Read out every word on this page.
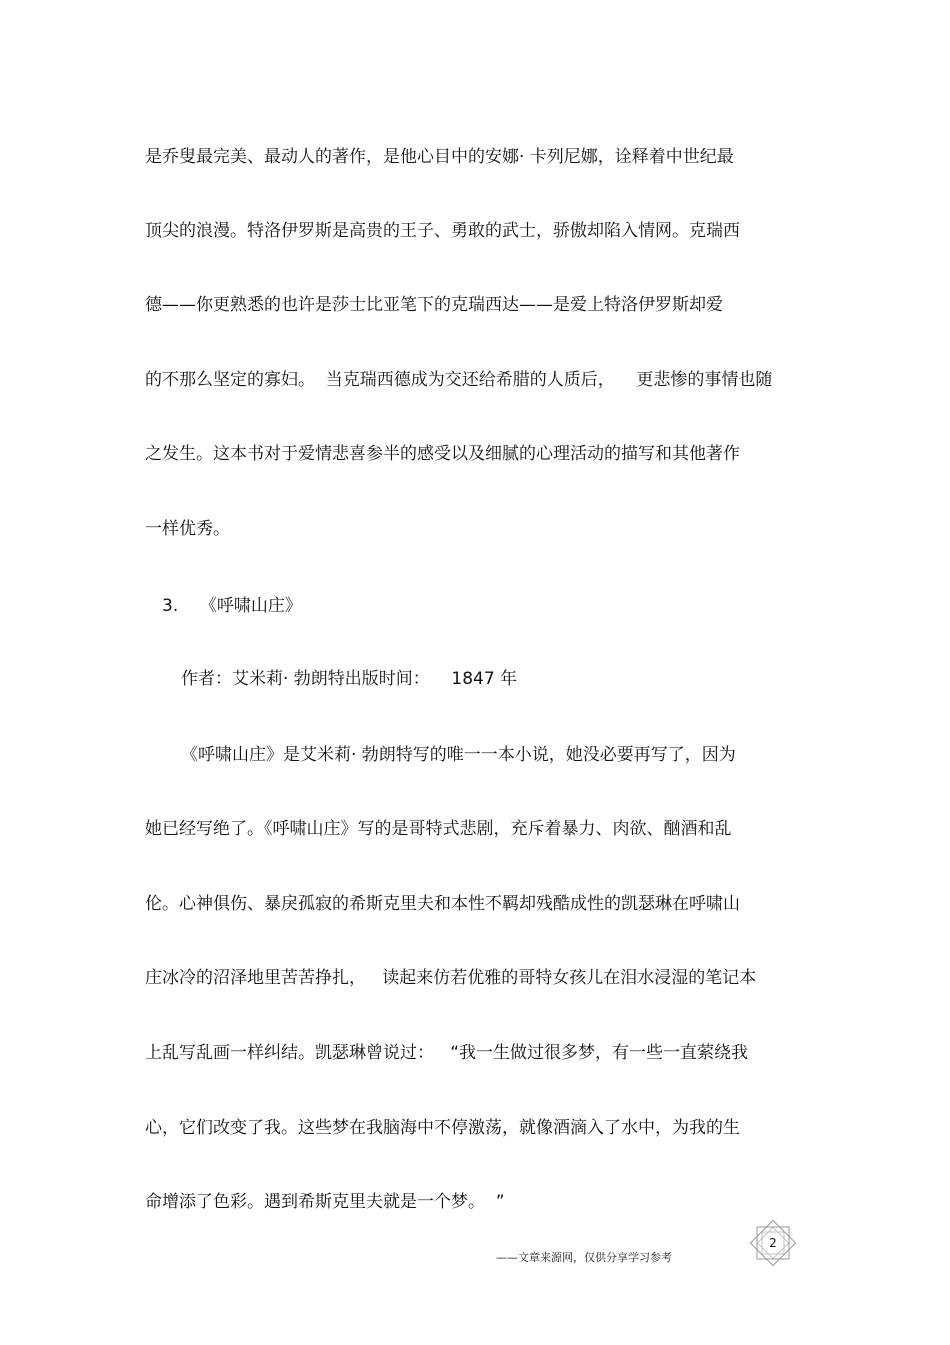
是乔叟最完美、最动人的著作，是他心目中的安娜· 卡列尼娜，诠释着中世纪最

顶尖的浪漫。特洛伊罗斯是高贵的王子、勇敢的武士，骄傲却陷入情网。克瑞西

德——你更熟悉的也许是莎士比亚笔下的克瑞西达——是爱上特洛伊罗斯却爱

的不那么坚定的寡妇。  当克瑞西德成为交还给希腊的人质后，    更悲惨的事情也随

之发生。这本书对于爱情悲喜参半的感受以及细腻的心理活动的描写和其他著作

一样优秀。

3.    《呼啸山庄》

作者：艾米莉· 勃朗特出版时间：    1847 年

《呼啸山庄》是艾米莉· 勃朗特写的唯一一本小说，她没必要再写了，因为

她已经写绝了。《呼啸山庄》写的是哥特式悲剧，充斥着暴力、肉欲、酗酒和乱

伦。心神俱伤、暴戾孤寂的希斯克里夫和本性不羁却残酷成性的凯瑟琳在呼啸山

庄冰冷的沼泽地里苦苦挣扎，   读起来仿若优雅的哥特女孩儿在泪水浸湿的笔记本

上乱写乱画一样纠结。凯瑟琳曾说过：   “我一生做过很多梦，有一些一直萦绕我

心，它们改变了我。这些梦在我脑海中不停激荡，就像酒滴入了水中，为我的生

命增添了色彩。遇到希斯克里夫就是一个梦。  ”

2
——文章来源网，仅供分享学习参考
